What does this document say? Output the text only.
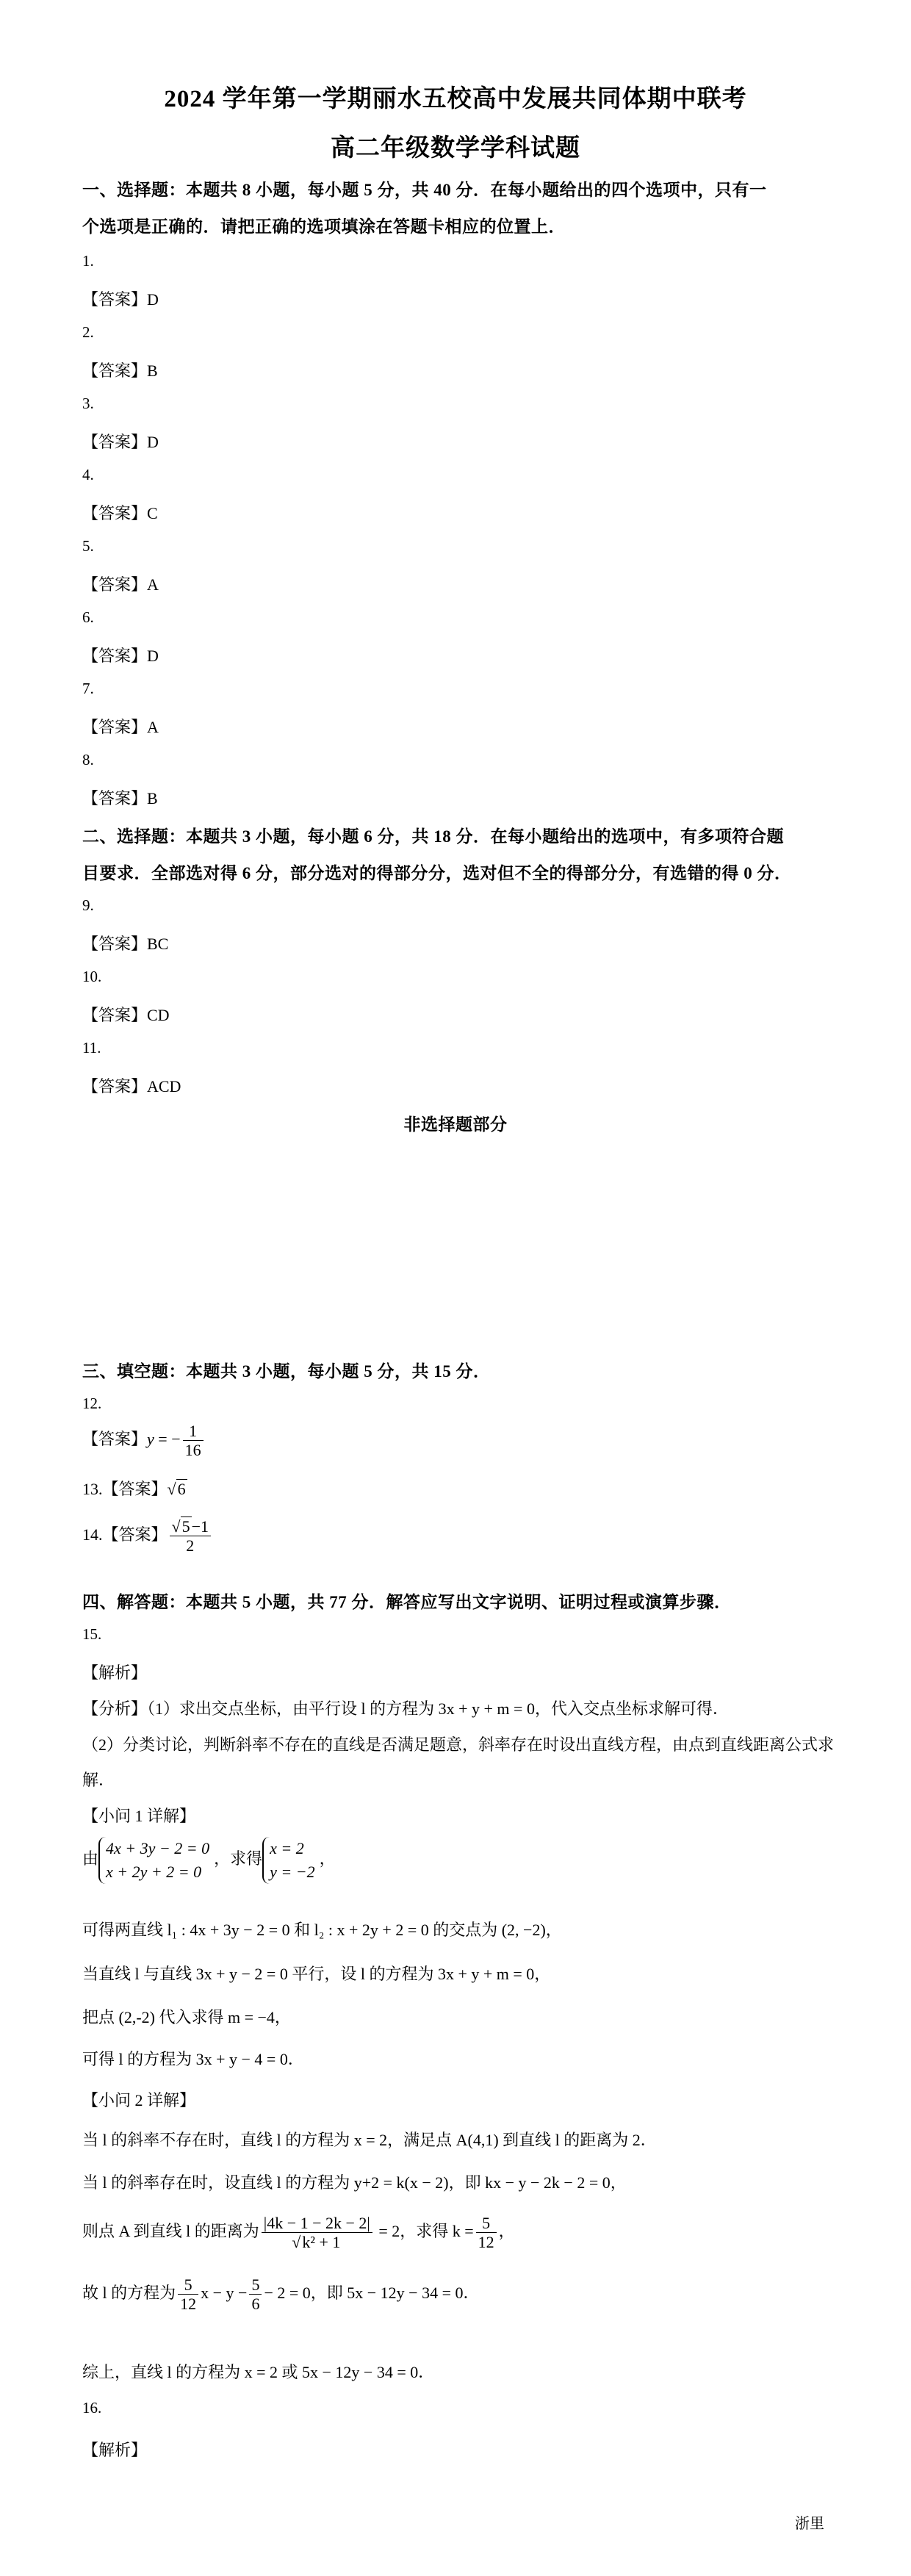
2024 学年第一学期丽水五校高中发展共同体期中联考
高二年级数学学科试题
一、选择题：本题共 8 小题，每小题 5 分，共 40 分．在每小题给出的四个选项中，只有一
个选项是正确的．请把正确的选项填涂在答题卡相应的位置上．
1.
【答案】D
2.
【答案】B
3.
【答案】D
4.
【答案】C
5.
【答案】A
6.
【答案】D
7.
【答案】A
8.
【答案】B
二、选择题：本题共 3 小题，每小题 6 分，共 18 分．在每小题给出的选项中，有多项符合题
目要求．全部选对得 6 分，部分选对的得部分分，选对但不全的得部分分，有选错的得 0 分．
9.
【答案】BC
10.
【答案】CD
11.
【答案】ACD
非选择题部分
三、填空题：本题共 3 小题，每小题 5 分，共 15 分．
12.
【答案】y = − $\frac{1}{16}$
13.【答案】√6
14.【答案】 $\frac{√5-1}{2}$
四、解答题：本题共 5 小题，共 77 分．解答应写出文字说明、证明过程或演算步骤．
15.
【解析】
【分析】（1）求出交点坐标，由平行设 l 的方程为 3x + y + m = 0，代入交点坐标求解可得．
（2）分类讨论，判断斜率不存在的直线是否满足题意，斜率存在时设出直线方程，由点到直线距离公式求
解．
【小问 1 详解】
由
4x + 3y − 2 = 0
x + 2y + 2 = 0
，求得
x = 2
y = −2
，
可得两直线 l₁ : 4x + 3y − 2 = 0 和 l₂ : x + 2y + 2 = 0 的交点为 (2, −2)，
当直线 l 与直线 3x + y − 2 = 0 平行，设 l 的方程为 3x + y + m = 0，
把点 (2,-2) 代入求得 m = −4，
可得 l 的方程为 3x + y − 4 = 0．
【小问 2 详解】
当 l 的斜率不存在时，直线 l 的方程为 x = 2，满足点 A(4,1) 到直线 l 的距离为 2．
当 l 的斜率存在时，设直线 l 的方程为 y+2 = k(x − 2)，即 kx − y − 2k − 2 = 0，
则点 A 到直线 l 的距离为 $\frac{|4k - 1 - 2k - 2|}{\text{√k² + 1}} = 2$，求得 $k = \frac{5}{12}$ ，
故 l 的方程为 $\frac{5}{12}$ $x - y - \frac{5}{6} - 2 = 0$，即 5x − 12y − 34 = 0．
综上，直线 l 的方程为 x = 2 或 5x − 12y − 34 = 0．
16.
【解析】
浙里
